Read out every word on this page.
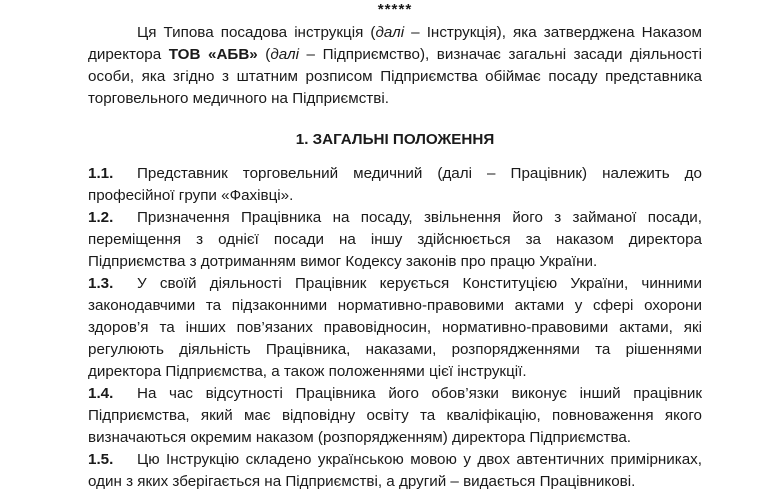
*****

Ця Типова посадова інструкція (далі – Інструкція), яка затверджена Наказом директора ТОВ «АБВ» (далі – Підприємство), визначає загальні засади діяльності особи, яка згідно з штатним розписом Підприємства обіймає посаду представника торговельного медичного на Підприємстві.

1. ЗАГАЛЬНІ ПОЛОЖЕННЯ

1.1. Представник торговельний медичний (далі – Працівник) належить до професійної групи «Фахівці».

1.2. Призначення Працівника на посаду, звільнення його з займаної посади, переміщення з однієї посади на іншу здійснюється за наказом директора Підприємства з дотриманням вимог Кодексу законів про працю України.

1.3. У своїй діяльності Працівник керується Конституцією України, чинними законодавчими та підзаконними нормативно-правовими актами у сфері охорони здоров’я та інших пов’язаних правовідносин, нормативно-правовими актами, які регулюють діяльність Працівника, наказами, розпорядженнями та рішеннями директора Підприємства, а також положеннями цієї інструкції.

1.4. На час відсутності Працівника його обов’язки виконує інший працівник Підприємства, який має відповідну освіту та кваліфікацію, повноваження якого визначаються окремим наказом (розпорядженням) директора Підприємства.

1.5. Цю Інструкцію складено українською мовою у двох автентичних примірниках, один з яких зберігається на Підприємстві, а другий – видається Працівникові.
